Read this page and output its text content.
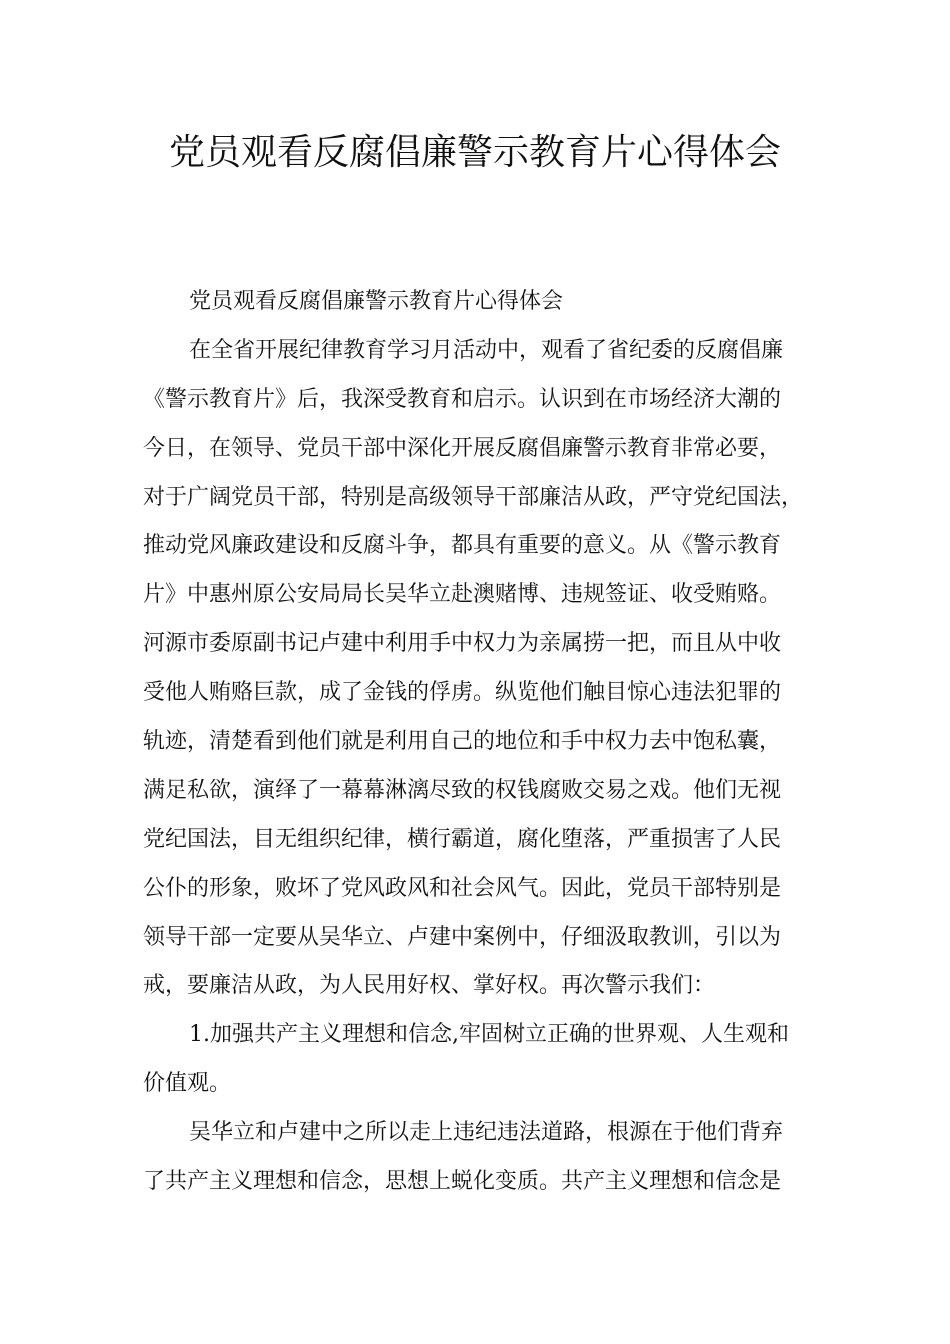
党员观看反腐倡廉警示教育片心得体会
党员观看反腐倡廉警示教育片心得体会
在全省开展纪律教育学习月活动中，观看了省纪委的反腐倡廉
《警示教育片》后，我深受教育和启示。认识到在市场经济大潮的
今日，在领导、党员干部中深化开展反腐倡廉警示教育非常必要，
对于广阔党员干部，特别是高级领导干部廉洁从政，严守党纪国法，
推动党风廉政建设和反腐斗争，都具有重要的意义。从《警示教育
片》中惠州原公安局局长吴华立赴澳赌博、违规签证、收受贿赂。
河源市委原副书记卢建中利用手中权力为亲属捞一把，而且从中收
受他人贿赂巨款，成了金钱的俘虏。纵览他们触目惊心违法犯罪的
轨迹，清楚看到他们就是利用自己的地位和手中权力去中饱私囊，
满足私欲，演绎了一幕幕淋漓尽致的权钱腐败交易之戏。他们无视
党纪国法，目无组织纪律，横行霸道，腐化堕落，严重损害了人民
公仆的形象，败坏了党风政风和社会风气。因此，党员干部特别是
领导干部一定要从吴华立、卢建中案例中，仔细汲取教训，引以为
戒，要廉洁从政，为人民用好权、掌好权。再次警示我们：
1.加强共产主义理想和信念,牢固树立正确的世界观、人生观和
价值观。
吴华立和卢建中之所以走上违纪违法道路，根源在于他们背弃
了共产主义理想和信念，思想上蜕化变质。共产主义理想和信念是
